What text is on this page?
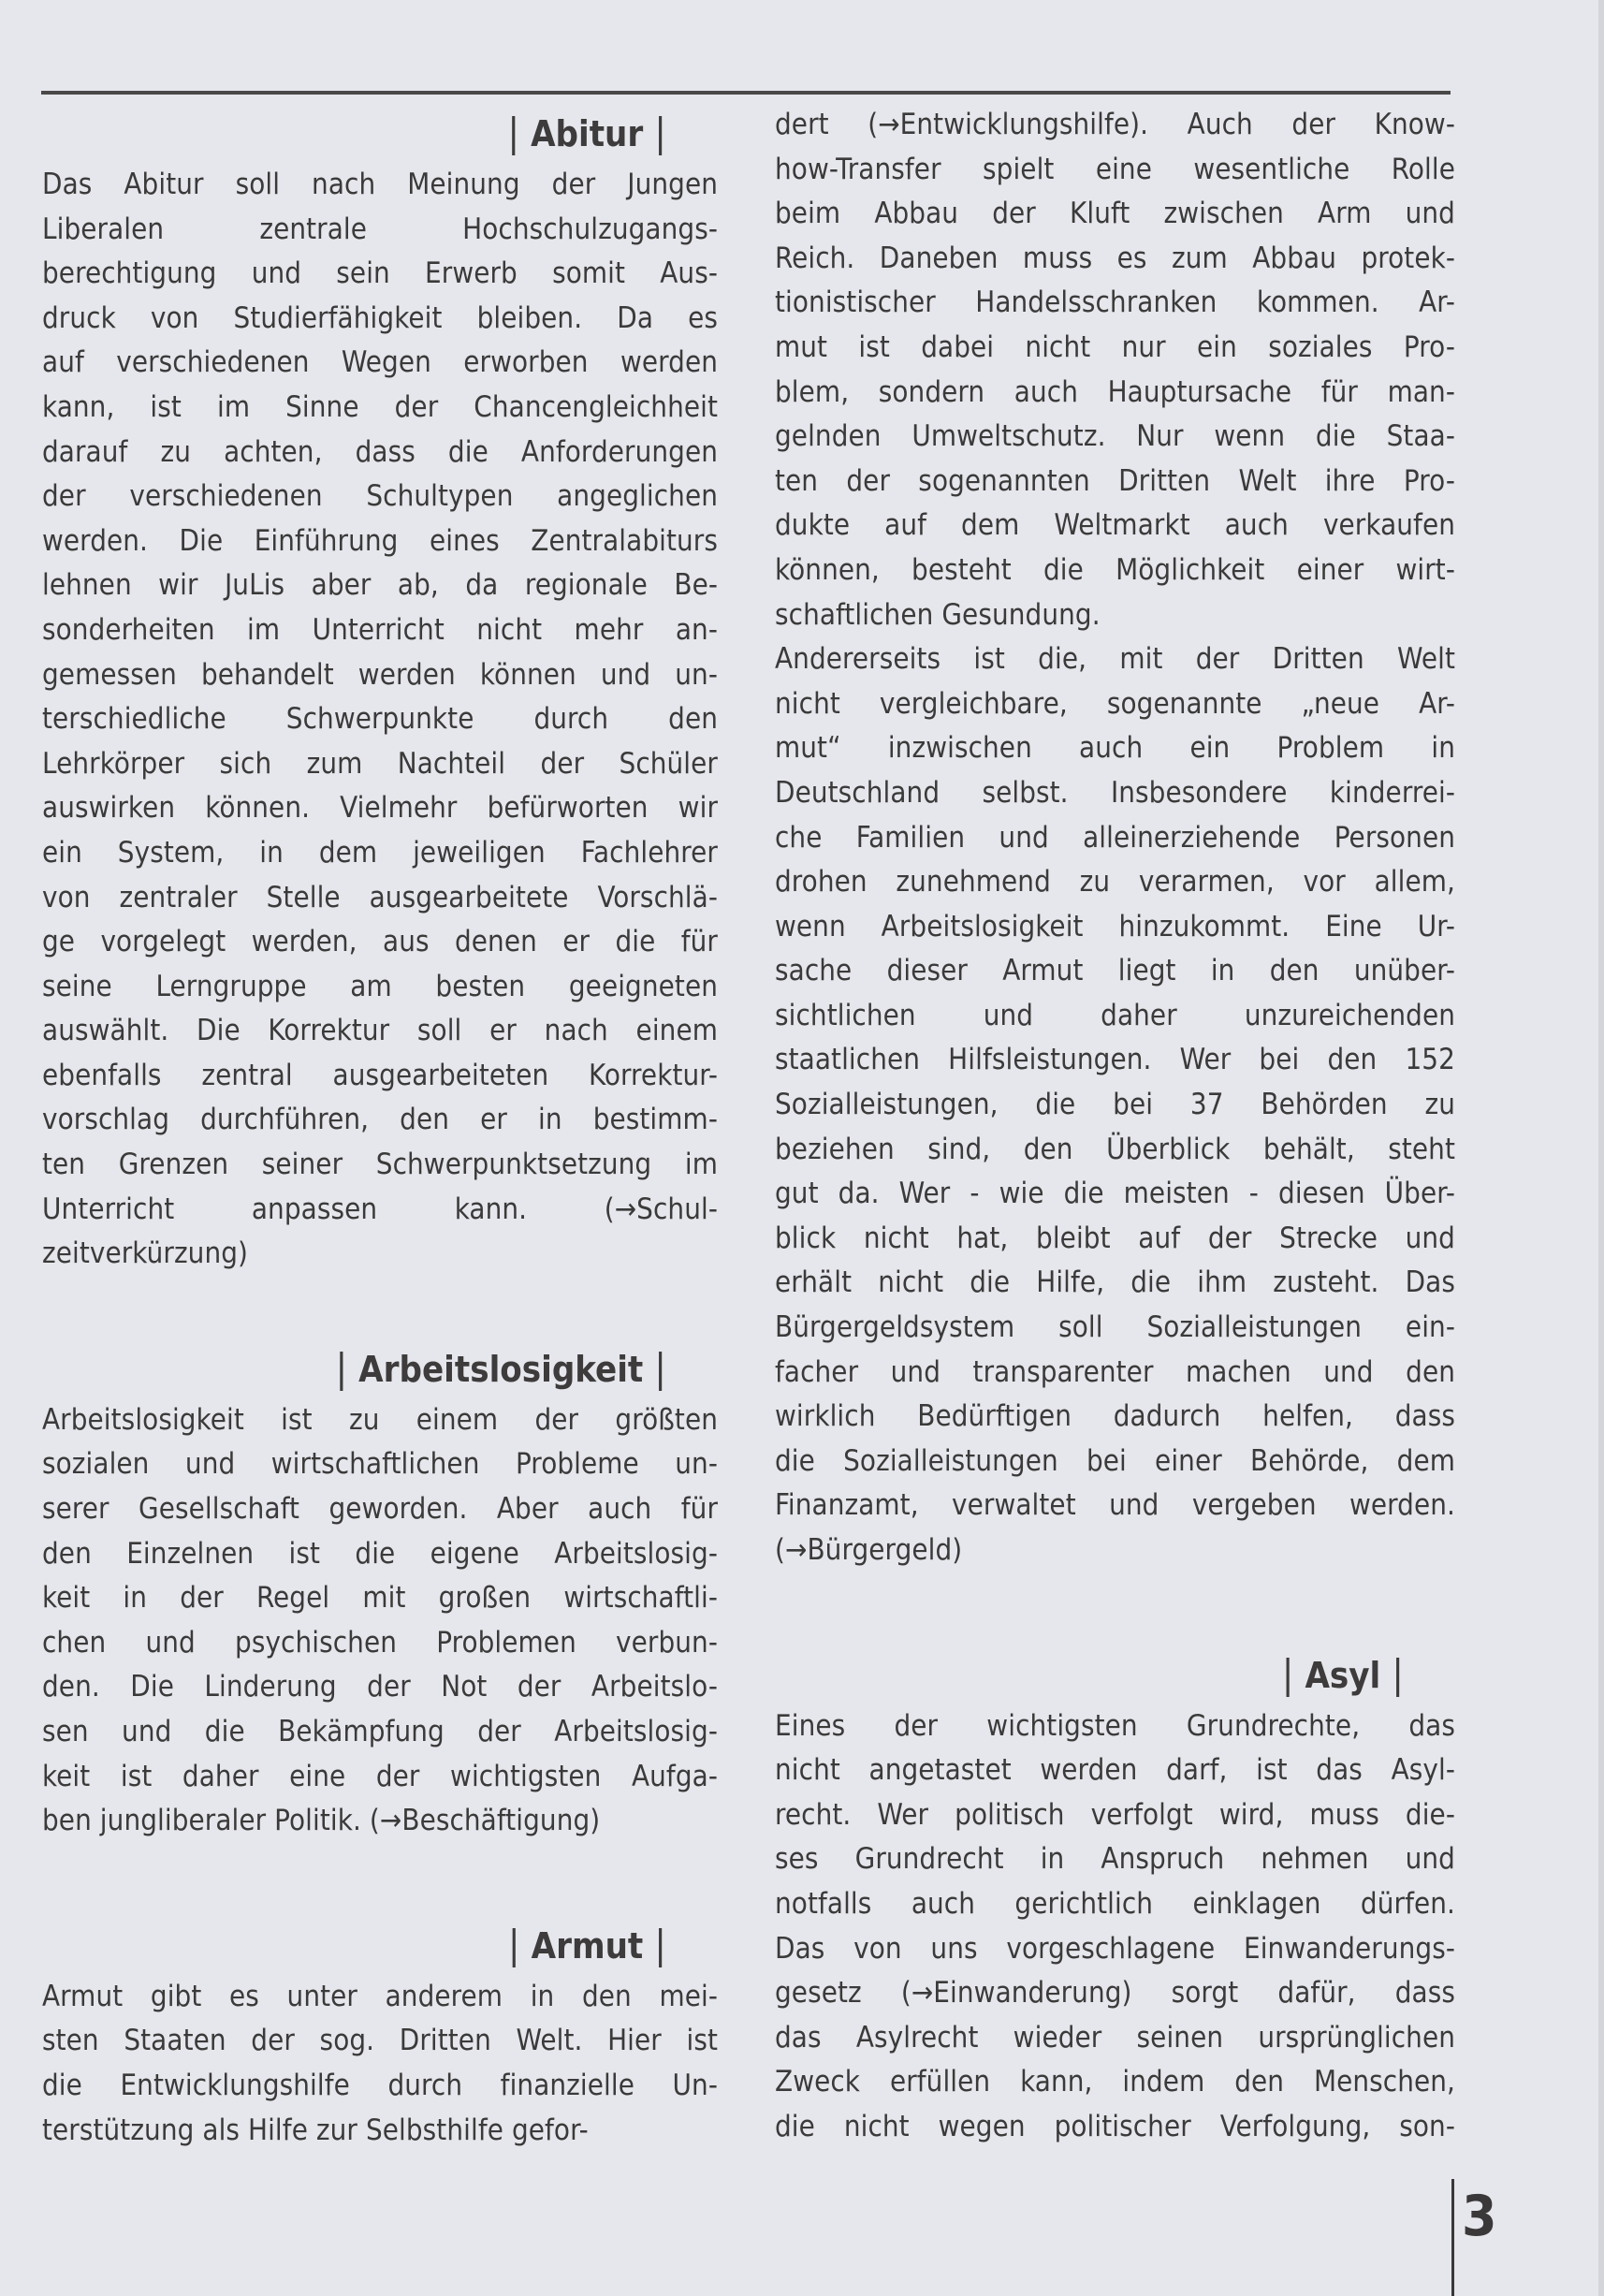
| Abitur |
Das Abitur soll nach Meinung der Jungen
Liberalen zentrale Hochschulzugangs-
berechtigung und sein Erwerb somit Aus-
druck von Studierfähigkeit bleiben. Da es
auf verschiedenen Wegen erworben werden
kann, ist im Sinne der Chancengleichheit
darauf zu achten, dass die Anforderungen
der verschiedenen Schultypen angeglichen
werden. Die Einführung eines Zentralabiturs
lehnen wir JuLis aber ab, da regionale Be-
sonderheiten im Unterricht nicht mehr an-
gemessen behandelt werden können und un-
terschiedliche Schwerpunkte durch den
Lehrkörper sich zum Nachteil der Schüler
auswirken können. Vielmehr befürworten wir
ein System, in dem jeweiligen Fachlehrer
von zentraler Stelle ausgearbeitete Vorschlä-
ge vorgelegt werden, aus denen er die für
seine Lerngruppe am besten geeigneten
auswählt. Die Korrektur soll er nach einem
ebenfalls zentral ausgearbeiteten Korrektur-
vorschlag durchführen, den er in bestimm-
ten Grenzen seiner Schwerpunktsetzung im
Unterricht anpassen kann. (→Schul-
zeitverkürzung)
| Arbeitslosigkeit |
Arbeitslosigkeit ist zu einem der größten
sozialen und wirtschaftlichen Probleme un-
serer Gesellschaft geworden. Aber auch für
den Einzelnen ist die eigene Arbeitslosig-
keit in der Regel mit großen wirtschaftli-
chen und psychischen Problemen verbun-
den. Die Linderung der Not der Arbeitslo-
sen und die Bekämpfung der Arbeitslosig-
keit ist daher eine der wichtigsten Aufga-
ben jungliberaler Politik. (→Beschäftigung)
| Armut |
Armut gibt es unter anderem in den mei-
sten Staaten der sog. Dritten Welt. Hier ist
die Entwicklungshilfe durch finanzielle Un-
terstützung als Hilfe zur Selbsthilfe gefor-
dert (→Entwicklungshilfe). Auch der Know-
how-Transfer spielt eine wesentliche Rolle
beim Abbau der Kluft zwischen Arm und
Reich. Daneben muss es zum Abbau protek-
tionistischer Handelsschranken kommen. Ar-
mut ist dabei nicht nur ein soziales Pro-
blem, sondern auch Hauptursache für man-
gelnden Umweltschutz. Nur wenn die Staa-
ten der sogenannten Dritten Welt ihre Pro-
dukte auf dem Weltmarkt auch verkaufen
können, besteht die Möglichkeit einer wirt-
schaftlichen Gesundung.
Andererseits ist die, mit der Dritten Welt
nicht vergleichbare, sogenannte „neue Ar-
mut“ inzwischen auch ein Problem in
Deutschland selbst. Insbesondere kinderrei-
che Familien und alleinerziehende Personen
drohen zunehmend zu verarmen, vor allem,
wenn Arbeitslosigkeit hinzukommt. Eine Ur-
sache dieser Armut liegt in den unüber-
sichtlichen und daher unzureichenden
staatlichen Hilfsleistungen. Wer bei den 152
Sozialleistungen, die bei 37 Behörden zu
beziehen sind, den Überblick behält, steht
gut da. Wer - wie die meisten - diesen Über-
blick nicht hat, bleibt auf der Strecke und
erhält nicht die Hilfe, die ihm zusteht. Das
Bürgergeldsystem soll Sozialleistungen ein-
facher und transparenter machen und den
wirklich Bedürftigen dadurch helfen, dass
die Sozialleistungen bei einer Behörde, dem
Finanzamt, verwaltet und vergeben werden.
(→Bürgergeld)
| Asyl |
Eines der wichtigsten Grundrechte, das
nicht angetastet werden darf, ist das Asyl-
recht. Wer politisch verfolgt wird, muss die-
ses Grundrecht in Anspruch nehmen und
notfalls auch gerichtlich einklagen dürfen.
Das von uns vorgeschlagene Einwanderungs-
gesetz (→Einwanderung) sorgt dafür, dass
das Asylrecht wieder seinen ursprünglichen
Zweck erfüllen kann, indem den Menschen,
die nicht wegen politischer Verfolgung, son-
3
